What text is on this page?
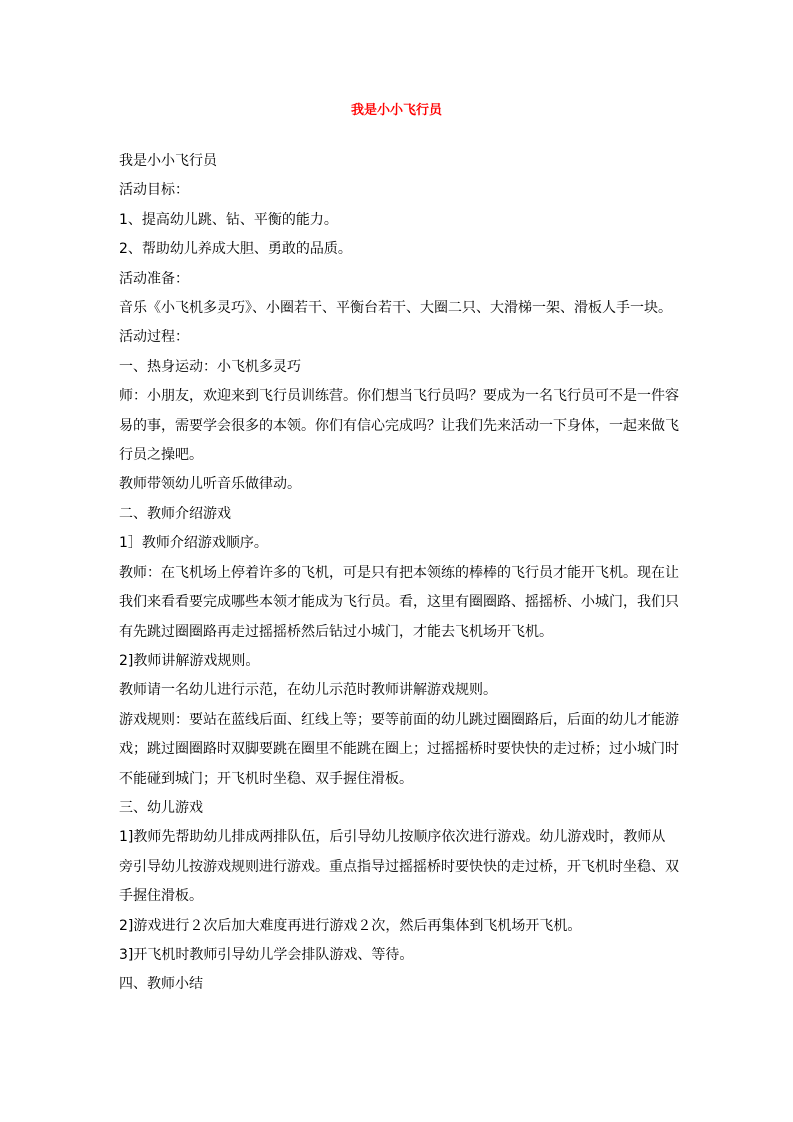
我是小小飞行员

我是小小飞行员

活动目标：

1、提高幼儿跳、钻、平衡的能力。

2、帮助幼儿养成大胆、勇敢的品质。

活动准备：

音乐《小飞机多灵巧》、小圈若干、平衡台若干、大圈二只、大滑梯一架、滑板人手一块。

活动过程：

一、热身运动：小飞机多灵巧

师：小朋友，欢迎来到飞行员训练营。你们想当飞行员吗？要成为一名飞行员可不是一件容易的事，需要学会很多的本领。你们有信心完成吗？让我们先来活动一下身体，一起来做飞行员之操吧。

教师带领幼儿听音乐做律动。

二、教师介绍游戏

1］教师介绍游戏顺序。

教师：在飞机场上停着许多的飞机，可是只有把本领练的棒棒的飞行员才能开飞机。现在让我们来看看要完成哪些本领才能成为飞行员。看，这里有圈圈路、摇摇桥、小城门，我们只有先跳过圈圈路再走过摇摇桥然后钻过小城门，才能去飞机场开飞机。

2]教师讲解游戏规则。

教师请一名幼儿进行示范，在幼儿示范时教师讲解游戏规则。

游戏规则：要站在蓝线后面、红线上等；要等前面的幼儿跳过圈圈路后，后面的幼儿才能游戏；跳过圈圈路时双脚要跳在圈里不能跳在圈上；过摇摇桥时要快快的走过桥；过小城门时不能碰到城门；开飞机时坐稳、双手握住滑板。

三、幼儿游戏

1]教师先帮助幼儿排成两排队伍，后引导幼儿按顺序依次进行游戏。幼儿游戏时，教师从旁引导幼儿按游戏规则进行游戏。重点指导过摇摇桥时要快快的走过桥，开飞机时坐稳、双手握住滑板。

2]游戏进行２次后加大难度再进行游戏２次，然后再集体到飞机场开飞机。

3]开飞机时教师引导幼儿学会排队游戏、等待。

四、教师小结
